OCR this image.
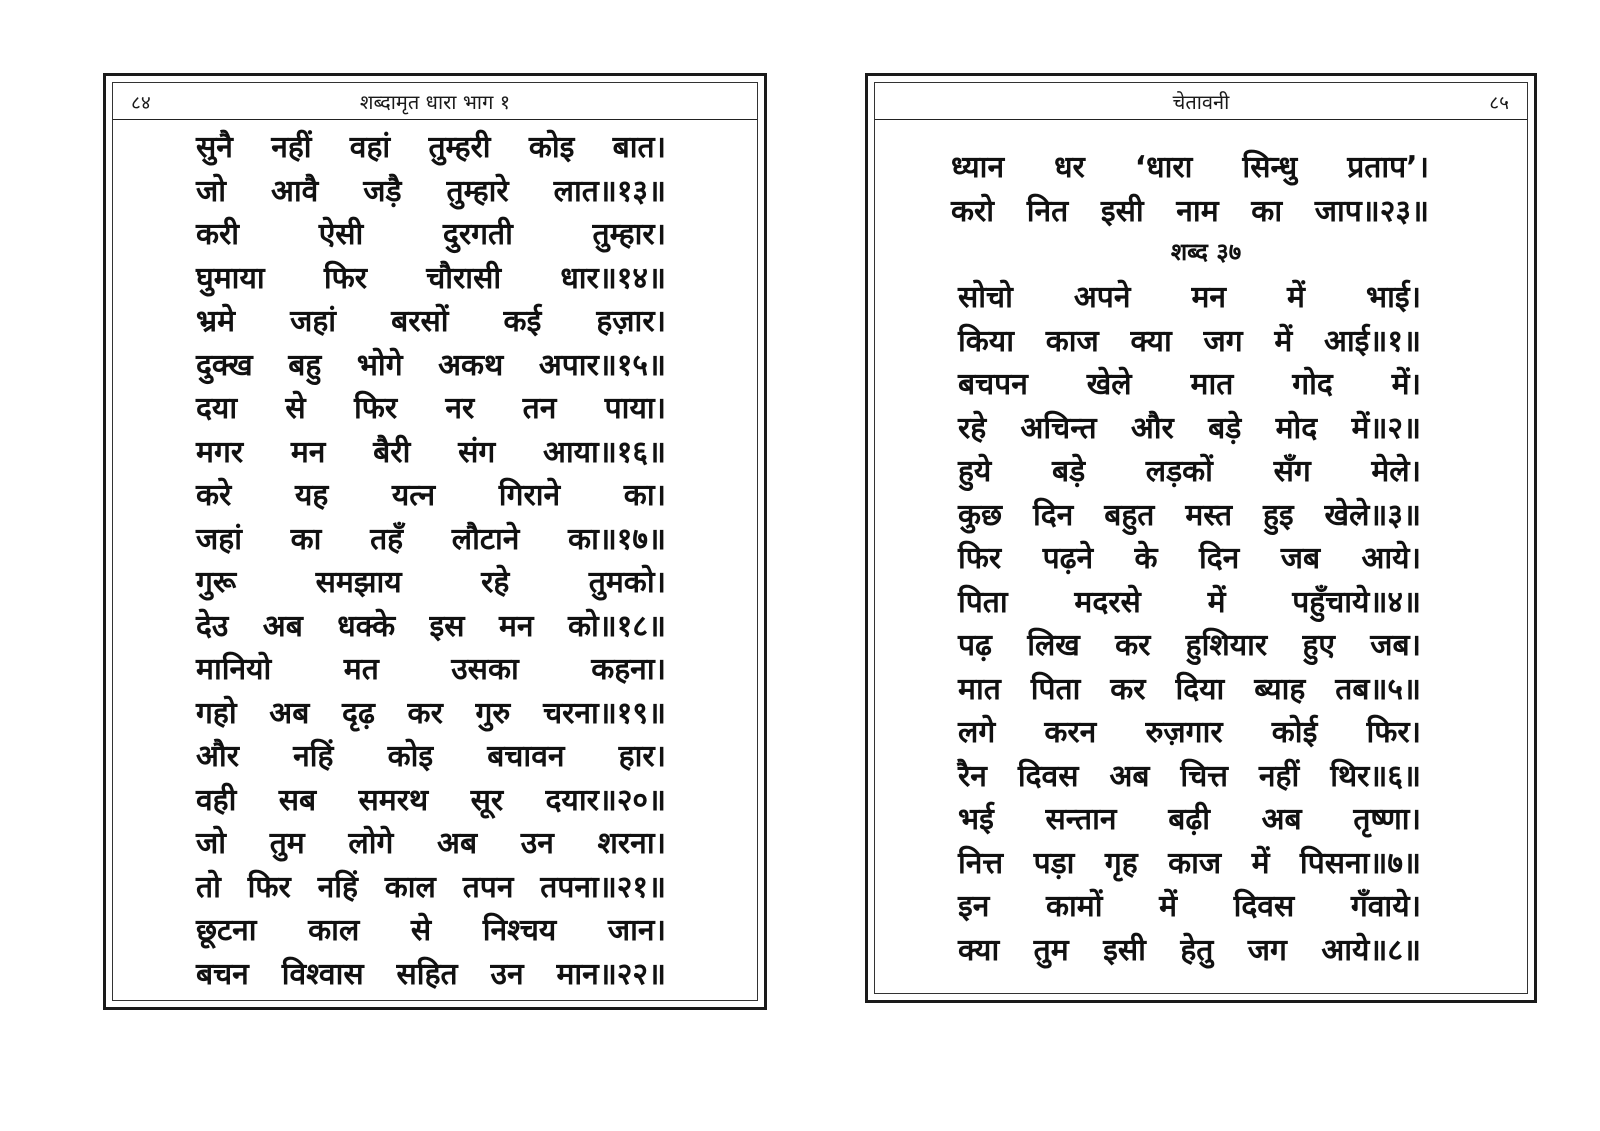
८४	शब्दामृत धारा भाग १
सुनै नहीं वहां तुम्हरी कोइ बात।
जो आवै जड़ै तुम्हारे लात॥१३॥
करी	ऐसी	दुरगती	तुम्हार।
घुमाया फिर चौरासी धार॥१४॥
भ्रमे जहां बरसों कई हज़ार।
दुक्ख बहु भोगे अकथ अपार॥१५॥
दया से फिर नर तन पाया।
मगर मन बैरी संग आया॥१६॥
करे यह यत्न गिराने का।
जहां का तहँ लौटाने का॥१७॥
गुरू	समझाय	रहे	तुमको।
देउ अब धक्के इस मन को॥१८॥
मानियो मत उसका कहना।
गहो अब दृढ़ कर गुरु चरना॥१९॥
और नहिं कोइ बचावन हार।
वही सब समरथ सूर दयार॥२०॥
जो तुम लोगे अब उन शरना।
तो फिर नहिं काल तपन तपना॥२१॥
छूटना काल से निश्चय जान।
बचन विश्वास सहित उन मान॥२२॥
चेतावनी	८५
ध्यान धर ‘धारा सिन्धु प्रताप’।
करो नित इसी नाम का जाप॥२३॥
शब्द ३७
सोचो अपने मन में भाई।
किया काज क्या जग में आई॥१॥
बचपन खेले मात गोद में।
रहे अचिन्त और बड़े मोद में॥२॥
हुये बड़े लड़कों सँग मेले।
कुछ दिन बहुत मस्त हुइ खेले॥३॥
फिर पढ़ने के दिन जब आये।
पिता मदरसे में पहुँचाये॥४॥
पढ़ लिख कर हुशियार हुए जब।
मात पिता कर दिया ब्याह तब॥५॥
लगे करन रुज़गार कोई फिर।
रैन दिवस अब चित्त नहीं थिर॥६॥
भई सन्तान बढ़ी अब तृष्णा।
नित्त पड़ा गृह काज में पिसना॥७॥
इन कामों में दिवस गँवाये।
क्या तुम इसी हेतु जग आये॥८॥
